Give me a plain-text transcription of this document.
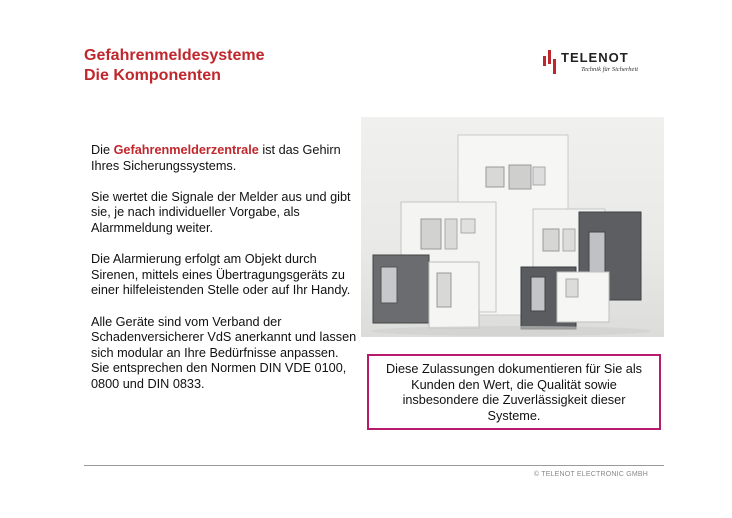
Gefahrenmeldesysteme
Die Komponenten
TELENOT
Technik für Sicherheit

Die Gefahrenmelderzentrale ist das Gehirn Ihres Sicherungssystems.

Sie wertet die Signale der Melder aus und gibt sie, je nach individueller Vorgabe, als Alarmmeldung weiter.

Die Alarmierung erfolgt am Objekt durch Sirenen, mittels eines Übertragungsgeräts zu einer hilfeleistenden Stelle oder auf Ihr Handy.

Alle Geräte sind vom Verband der Schadenversicherer VdS anerkannt und lassen sich modular an Ihre Bedürfnisse anpassen. Sie entsprechen den Normen DIN VDE 0100, 0800 und DIN 0833.

Diese Zulassungen dokumentieren für Sie als Kunden den Wert, die Qualität sowie insbesondere die Zuverlässigkeit dieser Systeme.
© TELENOT ELECTRONIC GMBH
